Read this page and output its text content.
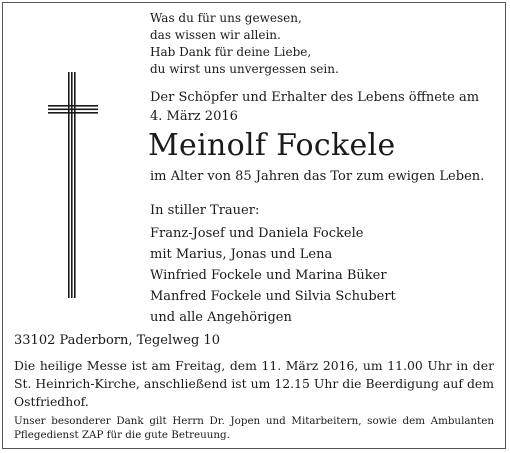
Was du für uns gewesen,
das wissen wir allein.
Hab Dank für deine Liebe,
du wirst uns unvergessen sein.
Der Schöpfer und Erhalter des Lebens öffnete am
4. März 2016
Meinolf Fockele
im Alter von 85 Jahren das Tor zum ewigen Leben.
In stiller Trauer:
Franz-Josef und Daniela Fockele
mit Marius, Jonas und Lena
Winfried Fockele und Marina Büker
Manfred Fockele und Silvia Schubert
und alle Angehörigen
33102 Paderborn, Tegelweg 10
Die heilige Messe ist am Freitag, dem 11. März 2016, um 11.00 Uhr in der St. Heinrich-Kirche, anschließend ist um 12.15 Uhr die Beerdigung auf dem Ostfriedhof.
Unser besonderer Dank gilt Herrn Dr. Jopen und Mitarbeitern, sowie dem Ambulanten Pflegedienst ZAP für die gute Betreuung.
